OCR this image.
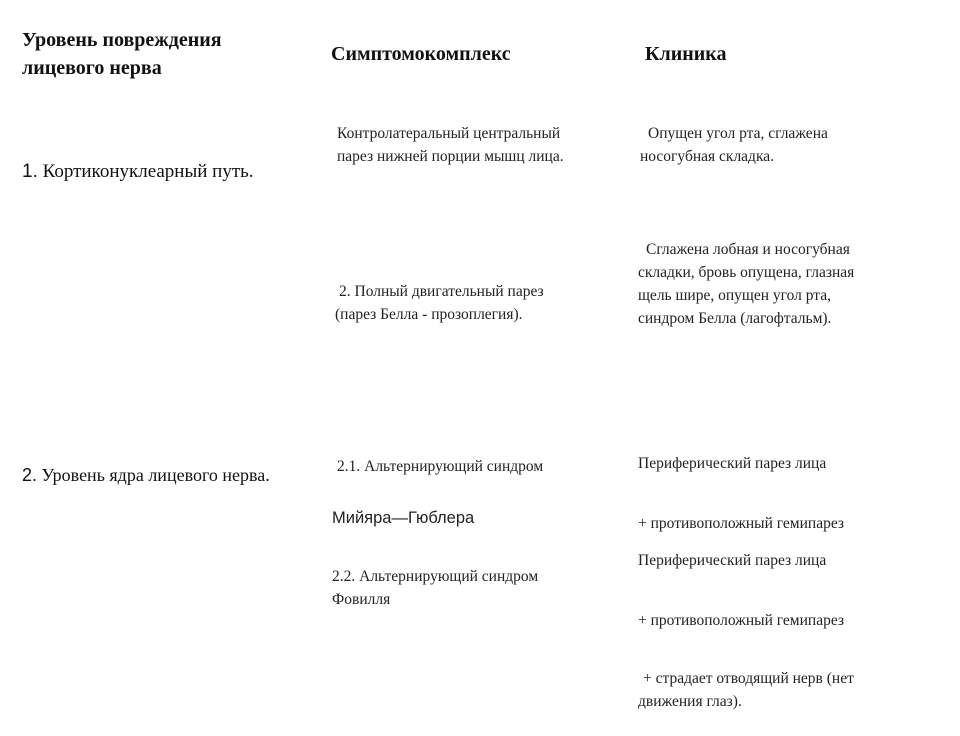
Уровень повреждения
лицевого нерва
Симптомокомплекс	Клиника

1. Кортиконуклеарный путь.

Контролатеральный центральный
парез нижней порции мышц лица.
Опущен угол рта, сглажена
носогубная складка.
2. Полный двигательный парез
(парез Белла - прозоплегия).
Сглажена лобная и носогубная
складки, бровь опущена, глазная
щель шире, опущен угол рта,
синдром Белла (лагофтальм).

2. Уровень ядра лицевого нерва.	2.1. Альтернирующий синдром

Мийяра—Гюблера

Периферический парез лица

+ противоположный гемипарез

2.2. Альтернирующий синдром
Фовилля

Периферический парез лица

+ противоположный гемипарез

+ страдает отводящий нерв (нет
движения глаз).
